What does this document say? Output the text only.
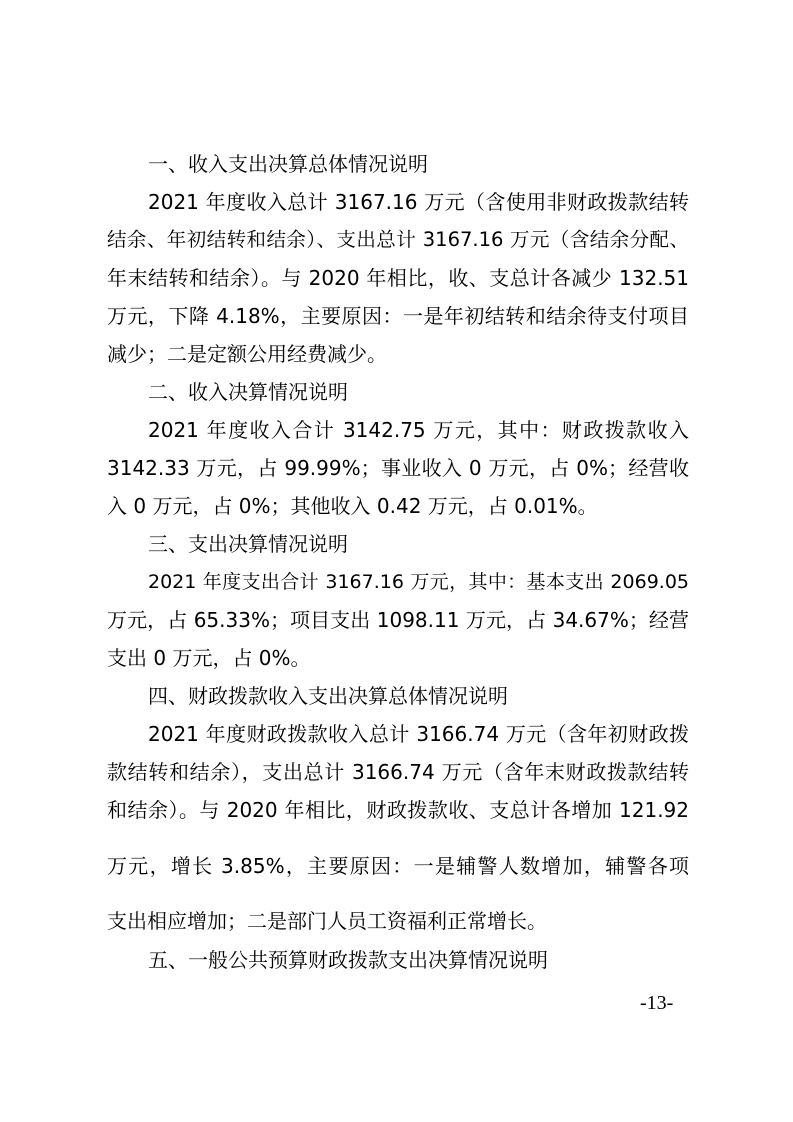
一、收入支出决算总体情况说明
2021 年度收入总计 3167.16 万元（含使用非财政拨款结转
结余、年初结转和结余）、支出总计 3167.16 万元（含结余分配、
年末结转和结余）。与 2020 年相比，收、支总计各减少 132.51
万元，下降 4.18%，主要原因：一是年初结转和结余待支付项目
减少；二是定额公用经费减少。
二、收入决算情况说明
2021 年度收入合计 3142.75 万元，其中：财政拨款收入
3142.33 万元，占 99.99%；事业收入 0 万元，占 0%；经营收
入 0 万元，占 0%；其他收入 0.42 万元，占 0.01%。
三、支出决算情况说明
2021 年度支出合计 3167.16 万元，其中：基本支出 2069.05
万元，占 65.33%；项目支出 1098.11 万元，占 34.67%；经营
支出 0 万元，占 0%。
四、财政拨款收入支出决算总体情况说明
2021 年度财政拨款收入总计 3166.74 万元（含年初财政拨
款结转和结余），支出总计 3166.74 万元（含年末财政拨款结转
和结余）。与 2020 年相比，财政拨款收、支总计各增加 121.92
万元，增长 3.85%，主要原因：一是辅警人数增加，辅警各项
支出相应增加；二是部门人员工资福利正常增长。
五、一般公共预算财政拨款支出决算情况说明
-13-
